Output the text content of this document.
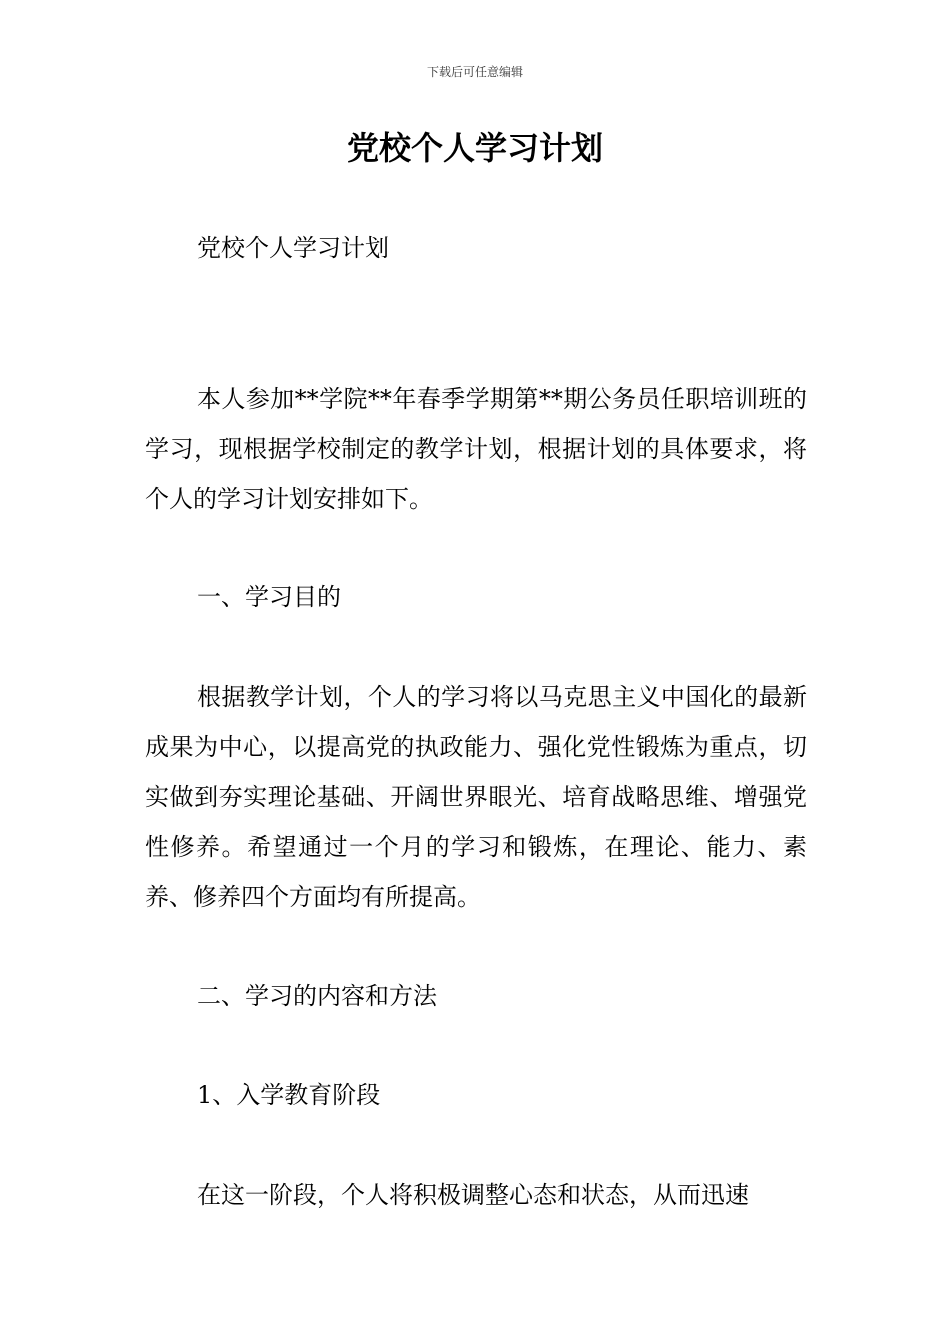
下载后可任意编辑
党校个人学习计划

党校个人学习计划

本人参加**学院**年春季学期第**期公务员任职培训班的学习，现根据学校制定的教学计划，根据计划的具体要求，将个人的学习计划安排如下。

一、学习目的

根据教学计划，个人的学习将以马克思主义中国化的最新成果为中心，以提高党的执政能力、强化党性锻炼为重点，切实做到夯实理论基础、开阔世界眼光、培育战略思维、增强党性修养。希望通过一个月的学习和锻炼，在理论、能力、素养、修养四个方面均有所提高。

二、学习的内容和方法

1、入学教育阶段

在这一阶段，个人将积极调整心态和状态，从而迅速
